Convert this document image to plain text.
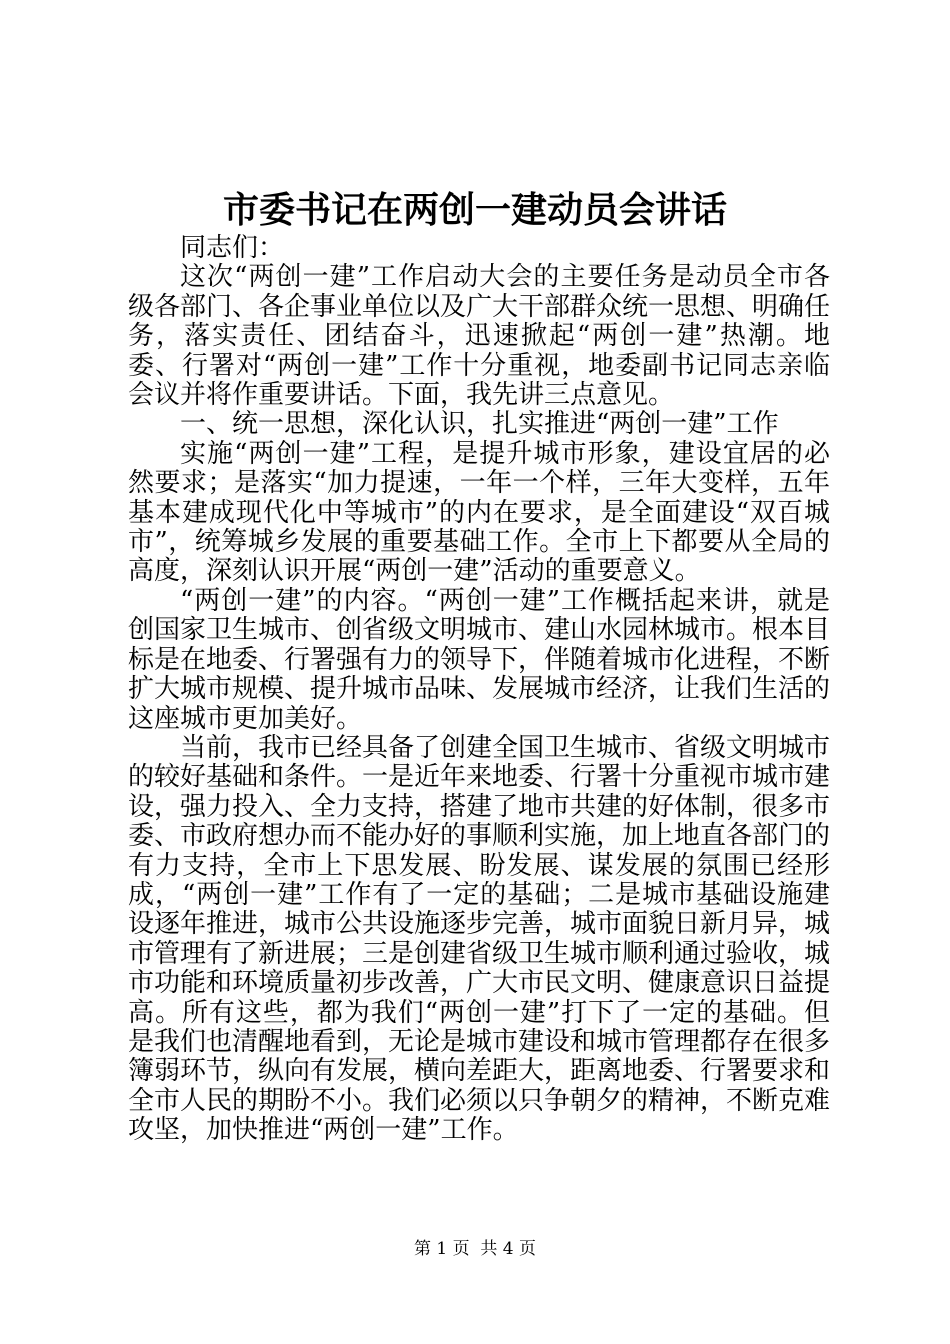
市委书记在两创一建动员会讲话

同志们：

这次“两创一建”工作启动大会的主要任务是动员全市各级各部门、各企事业单位以及广大干部群众统一思想、明确任务，落实责任、团结奋斗，迅速掀起“两创一建”热潮。地委、行署对“两创一建”工作十分重视，地委副书记同志亲临会议并将作重要讲话。下面，我先讲三点意见。

一、统一思想，深化认识，扎实推进“两创一建”工作

实施“两创一建”工程，是提升城市形象，建设宜居的必然要求；是落实“加力提速，一年一个样，三年大变样，五年基本建成现代化中等城市”的内在要求，是全面建设“双百城市”，统筹城乡发展的重要基础工作。全市上下都要从全局的高度，深刻认识开展“两创一建”活动的重要意义。

“两创一建”的内容。“两创一建”工作概括起来讲，就是创国家卫生城市、创省级文明城市、建山水园林城市。根本目标是在地委、行署强有力的领导下，伴随着城市化进程，不断扩大城市规模、提升城市品味、发展城市经济，让我们生活的这座城市更加美好。

当前，我市已经具备了创建全国卫生城市、省级文明城市的较好基础和条件。一是近年来地委、行署十分重视市城市建设，强力投入、全力支持，搭建了地市共建的好体制，很多市委、市政府想办而不能办好的事顺利实施，加上地直各部门的有力支持，全市上下思发展、盼发展、谋发展的氛围已经形成，“两创一建”工作有了一定的基础；二是城市基础设施建设逐年推进，城市公共设施逐步完善，城市面貌日新月异，城市管理有了新进展；三是创建省级卫生城市顺利通过验收，城市功能和环境质量初步改善，广大市民文明、健康意识日益提高。所有这些，都为我们“两创一建”打下了一定的基础。但是我们也清醒地看到，无论是城市建设和城市管理都存在很多簿弱环节，纵向有发展，横向差距大，距离地委、行署要求和全市人民的期盼不小。我们必须以只争朝夕的精神，不断克难攻坚，加快推进“两创一建”工作。

第 1 页 共 4 页
